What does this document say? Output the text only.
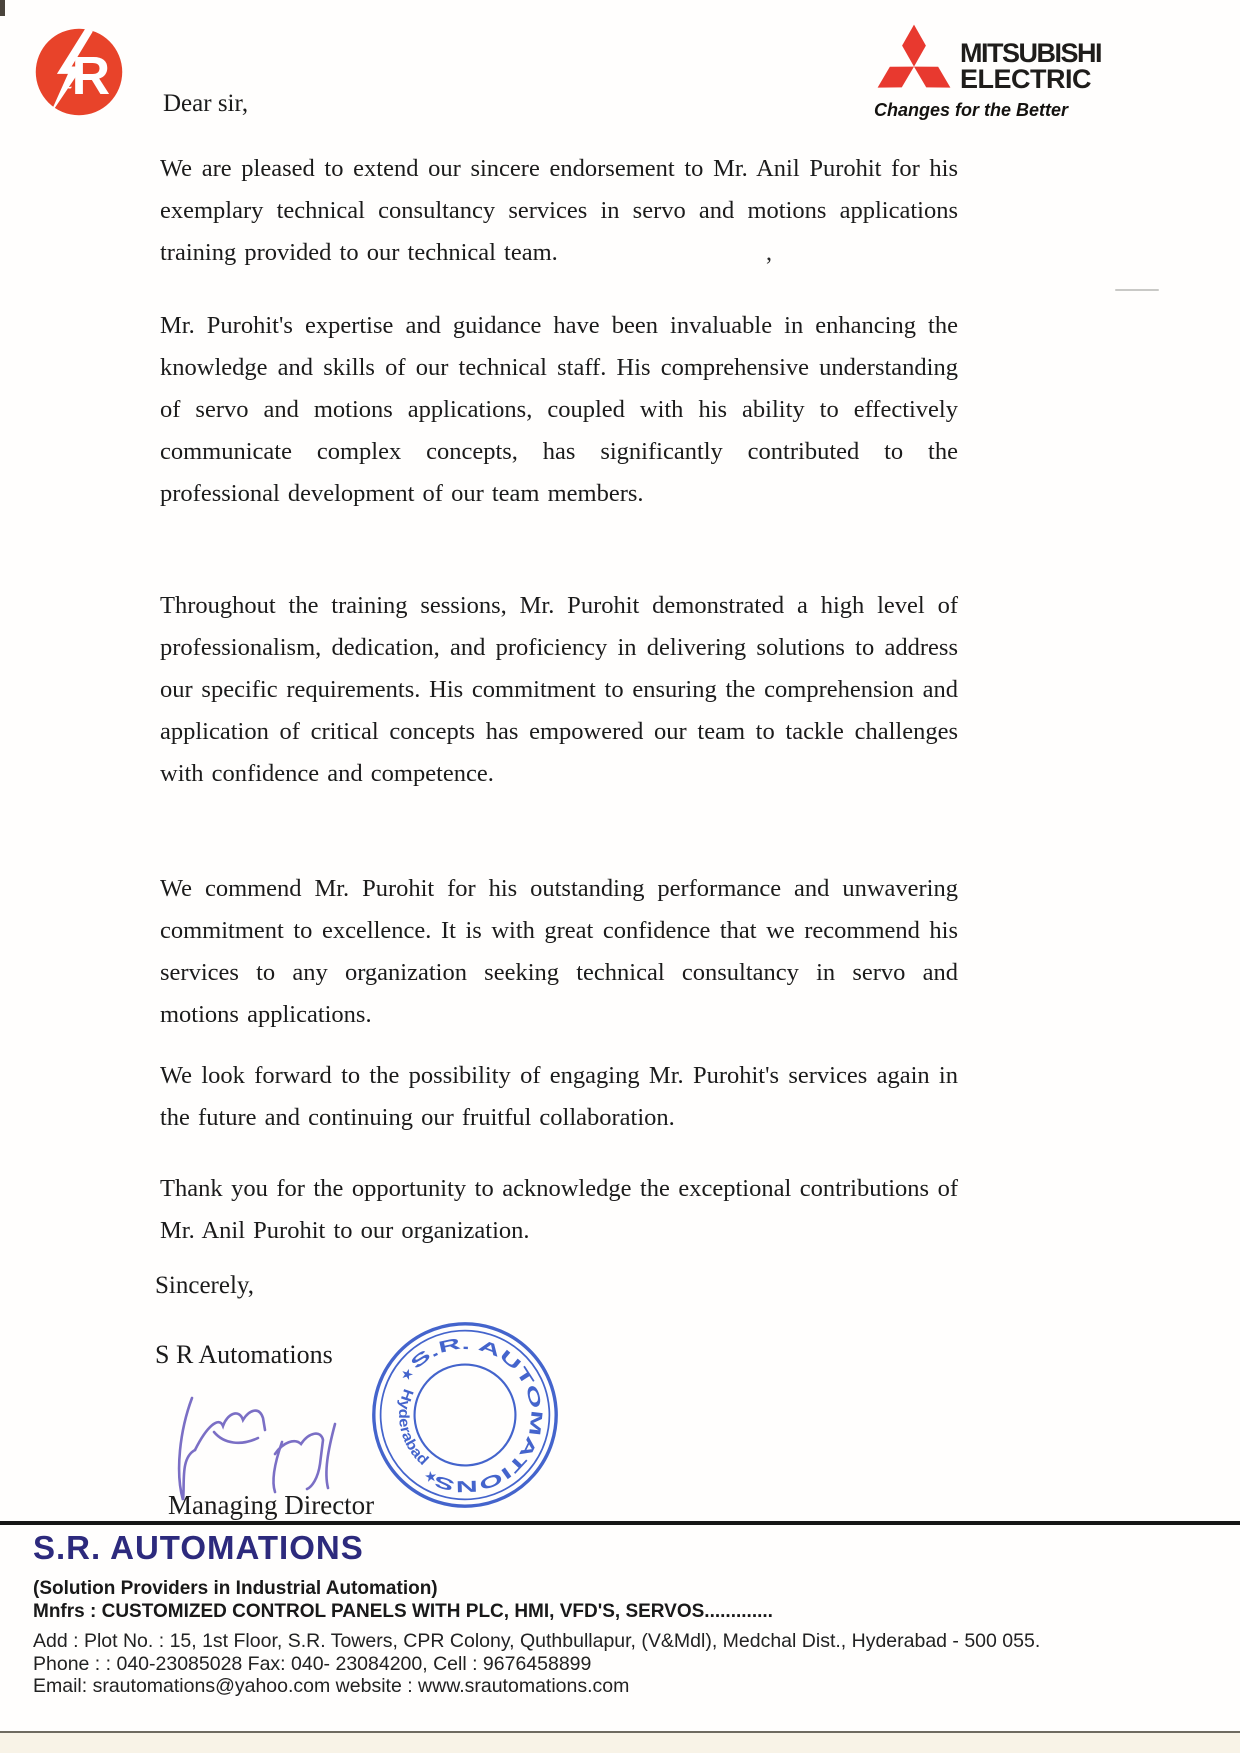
R
~
MITSUBISHI
ELECTRIC
Changes for the Better
Dear sir,

We are pleased to extend our sincere endorsement to Mr. Anil Purohit for his exemplary technical consultancy services in servo and motions applications training provided to our technical team.

Mr. Purohit's expertise and guidance have been invaluable in enhancing the knowledge and skills of our technical staff. His comprehensive understanding of servo and motions applications, coupled with his ability to effectively communicate complex concepts, has significantly contributed to the professional development of our team members.

Throughout the training sessions, Mr. Purohit demonstrated a high level of professionalism, dedication, and proficiency in delivering solutions to address our specific requirements. His commitment to ensuring the comprehension and application of critical concepts has empowered our team to tackle challenges with confidence and competence.

We commend Mr. Purohit for his outstanding performance and unwavering commitment to excellence. It is with great confidence that we recommend his services to any organization seeking technical consultancy in servo and motions applications.

We look forward to the possibility of engaging Mr. Purohit's services again in the future and continuing our fruitful collaboration.

Thank you for the opportunity to acknowledge the exceptional contributions of Mr. Anil Purohit to our organization.

,
Sincerely,
S R Automations	S.R. AUTOMATIONS
Hyderabad
★
★
Managing Director
S.R. AUTOMATIONS
(Solution Providers in Industrial Automation)
Mnfrs : CUSTOMIZED CONTROL PANELS WITH PLC, HMI, VFD'S, SERVOS.............
Add : Plot No. : 15, 1st Floor, S.R. Towers, CPR Colony, Quthbullapur, (V&Mdl), Medchal Dist., Hyderabad - 500 055.
Phone : : 040-23085028 Fax: 040- 23084200, Cell : 9676458899
Email: srautomations@yahoo.com website : www.srautomations.com
